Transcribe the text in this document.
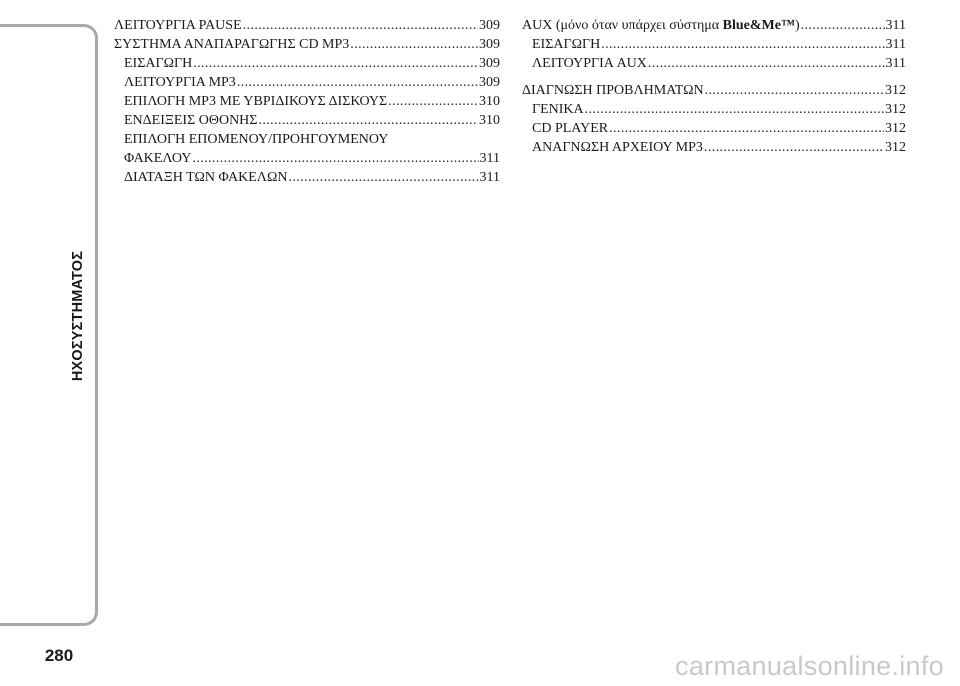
ΗΧΟΣΥΣΤΗΜΑΤΟΣ
280
ΛΕΙΤΟΥΡΓΙΑ PAUSE .....	309
ΣΥΣΤΗΜΑ ΑΝΑΠΑΡΑΓΩΓΗΣ CD MP3 .....	309
ΕΙΣΑΓΩΓΗ .....	309
ΛΕΙΤΟΥΡΓΙΑ MP3 .....	309
ΕΠΙΛΟΓΗ MP3 ΜΕ ΥΒΡΙΔΙΚΟΥΣ ΔΙΣΚΟΥΣ .....	310
ΕΝΔΕΙΞΕΙΣ ΟΘΟΝΗΣ .....	310
ΕΠΙΛΟΓΗ ΕΠΟΜΕΝΟΥ/ΠΡΟΗΓΟΥΜΕΝΟΥ
ΦΑΚΕΛΟΥ .....	311
ΔΙΑΤΑΞΗ ΤΩΝ ΦΑΚΕΛΩΝ .....	311
AUX (μόνο όταν υπάρχει σύστημα Blue&Me™) .....	311
ΕΙΣΑΓΩΓΗ .....	311
ΛΕΙΤΟΥΡΓΙΑ AUX .....	311
ΔΙΑΓΝΩΣΗ ΠΡΟΒΛΗΜΑΤΩΝ .....	312
ΓΕΝΙΚΑ .....	312
CD PLAYER .....	312
ΑΝΑΓΝΩΣΗ ΑΡΧΕΙΟΥ MP3 .....	312
carmanualsonline.info
